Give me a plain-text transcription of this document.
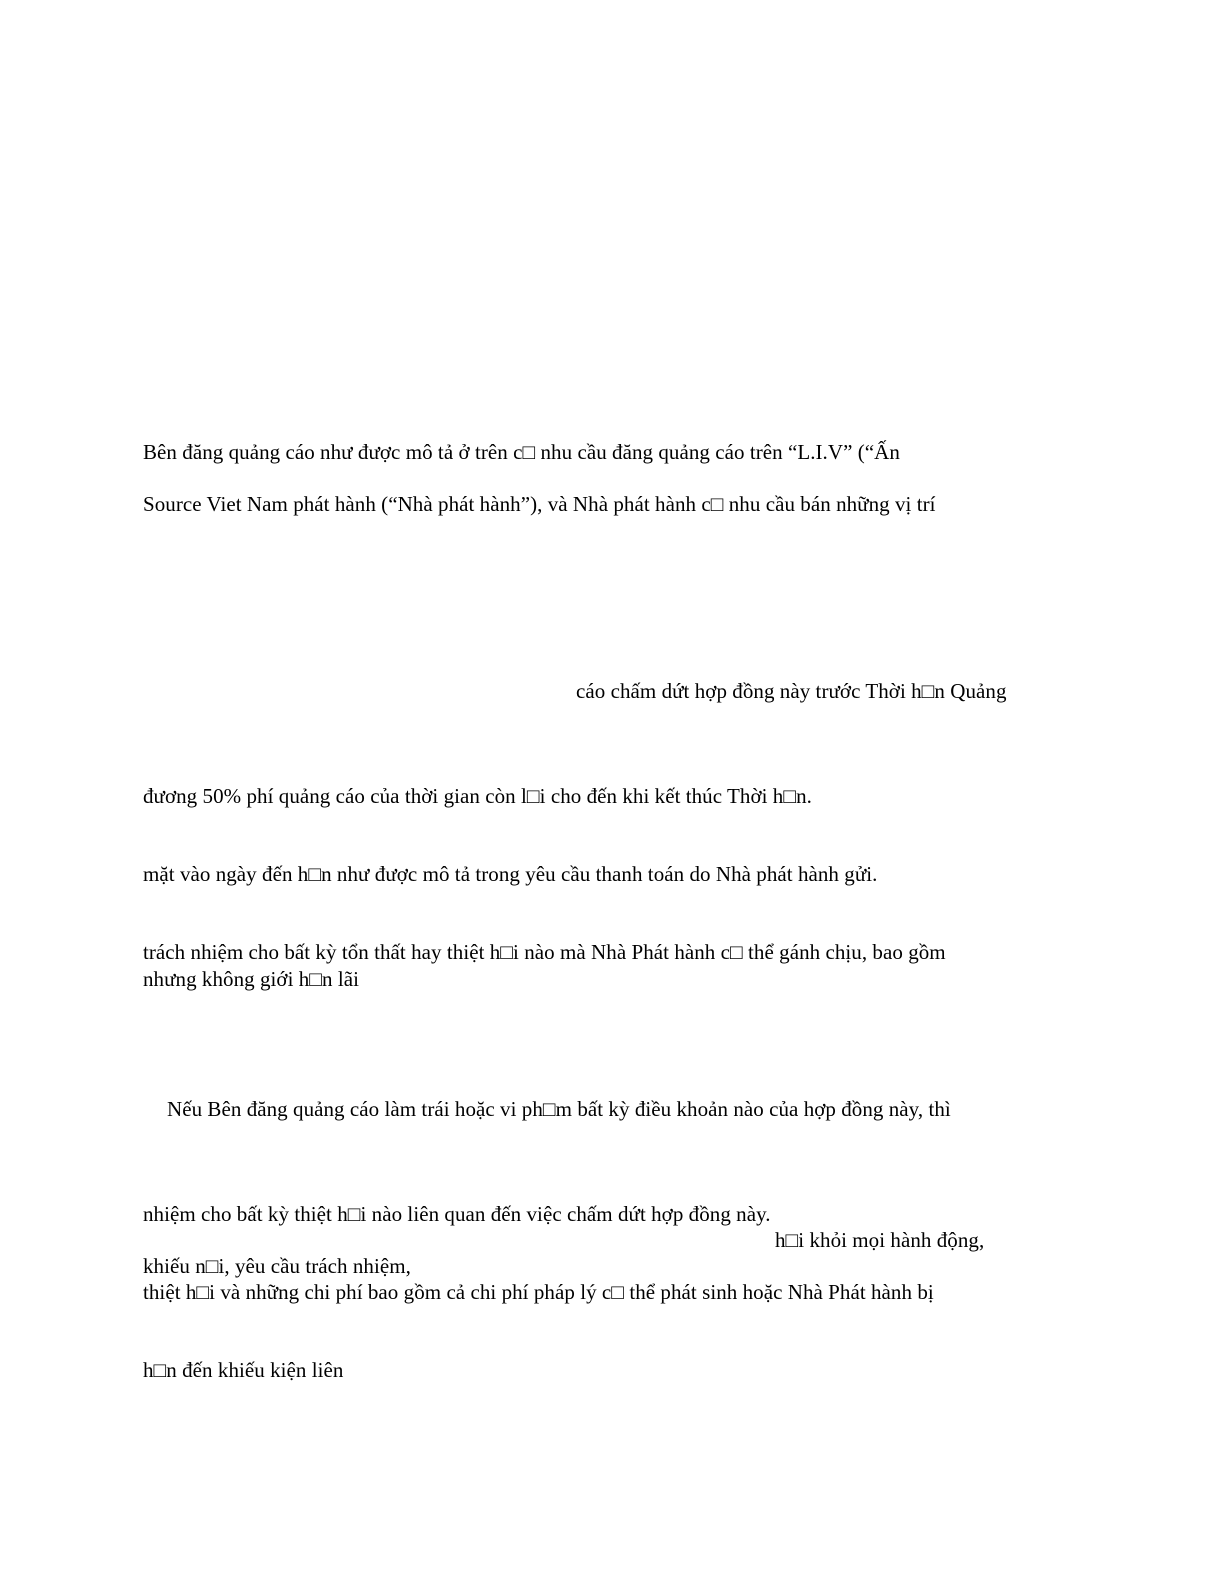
Bên đăng quảng cáo như được mô tả ở trên c□ nhu cầu đăng quảng cáo trên “L.I.V” (“Ấn
Source Viet Nam phát hành (“Nhà phát hành”), và Nhà phát hành c□ nhu cầu bán những vị trí
cáo chấm dứt hợp đồng này trước Thời h□n Quảng
đương 50% phí quảng cáo của thời gian còn l□i cho đến khi kết thúc Thời h□n.
mặt vào ngày đến h□n như được mô tả trong yêu cầu thanh toán do Nhà phát hành gửi.
trách nhiệm cho bất kỳ tổn thất hay thiệt h□i nào mà Nhà Phát hành c□ thể gánh chịu, bao gồm
nhưng không giới h□n lãi
Nếu Bên đăng quảng cáo làm trái hoặc vi ph□m bất kỳ điều khoản nào của hợp đồng này, thì
nhiệm cho bất kỳ thiệt h□i nào liên quan đến việc chấm dứt hợp đồng này.
h□i khỏi mọi hành động,
khiếu n□i, yêu cầu trách nhiệm,
thiệt h□i và những chi phí bao gồm cả chi phí pháp lý c□ thể phát sinh hoặc Nhà Phát hành bị
h□n đến khiếu kiện liên
